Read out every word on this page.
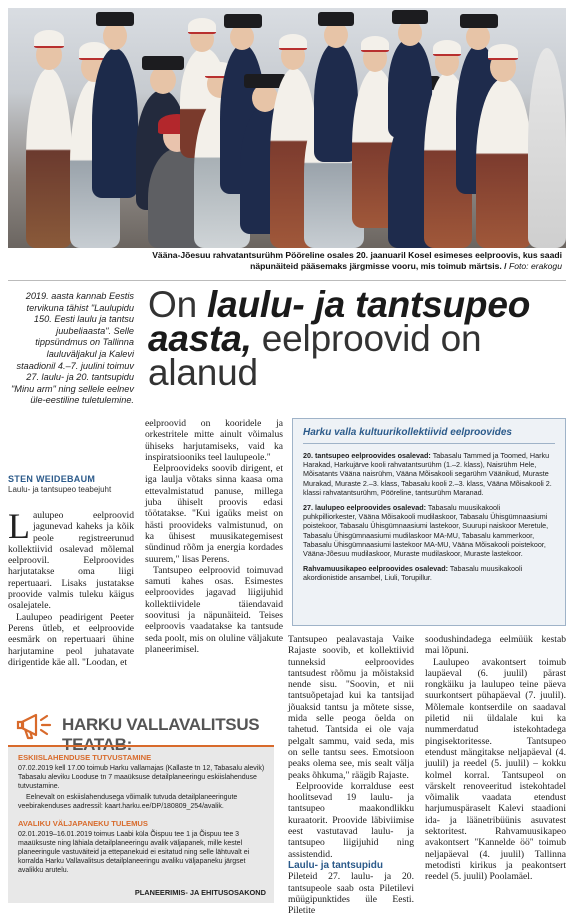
Vääna-Jõesuu rahvatantsurühm Pööreline osales 20. jaanuaril Kosel esimeses eelproovis, kus saadi näpunäiteid pääsemaks järgmisse vooru, mis toimub märtsis. / Foto: erakogu
2019. aasta kannab Eestis tervikuna tähist "Laulupidu 150. Eesti laulu ja tantsu juubeliaasta". Selle tippsündmus on Tallinna lauluväljakul ja Kalevi staadionil 4.–7. juulini toimuv 27. laulu- ja 20. tantsupidu "Minu arm" ning sellele eelnev üle-eestiline tuletulemine.
On laulu- ja tantsupeo aasta, eelproovid on alanud
STEN WEIDEBAUM
Laulu- ja tantsupeo teabejuht

Laulupeo eelproovid jagunevad kaheks ja kõik peole registreerunud kollektiivid osalevad mõlemal eelproovil. Eelproovides harjutatakse oma liigi repertuaari. Lisaks justatakse proovide valmis tuleku käigus osalejatele.

Laulupeo peadirigent Peeter Perens ütleb, et eelproovide eesmärk on repertuaari ühine harjutamine peol juhatavate dirigentide käe all. "Loodan, et

eelproovid on kooridele ja orkestritele mitte ainult võimalus ühiseks harjutamiseks, vaid ka inspiratsiooniks teel laulupeole."

Eelproovideks soovib dirigent, et iga laulja võtaks sinna kaasa oma ettevalmistatud panuse, millega juba ühiselt proovis edasi töötatakse. "Kui igaüks meist on hästi proovideks valmistunud, on ka ühisest muusikategemisest sündinud rõõm ja energia kordades suurem," lisas Perens.

Tantsupeo eelproovid toimuvad samuti kahes osas. Esimestes eelproovides jagavad liigijuhid kollektiividele täiendavaid soovitusi ja näpunäiteid. Teises eelproovis vaadatakse ka tantsude seda poolt, mis on oluline väljakute planeerimisel.

Harku valla kultuurikollektiivid eelproovides

20. tantsupeo eelproovides osalevad: Tabasalu Tammed ja Toomed, Harku Harakad, Harkujärve kooli rahvatantsurühm (1.–2. klass), Naisrühm Hele, Mõisatants Vääna naisrühm, Vääna Mõisakooli segarühm Väänikud, Muraste Murakad, Muraste 2.–3. klass, Tabasalu kooli 2.–3. klass, Vääna Mõisakooli 2. klassi rahvatantsurühm, Pööreline, tantsurühm Maranad.

27. laulupeo eelproovides osalevad: Tabasalu muusikakooli puhkpilliorkester, Vääna Mõisakooli mudilaskoor, Tabasalu Ühisgümnaasiumi poistekoor, Tabasalu Ühisgümnaasiumi lastekoor, Suurupi naiskoor Meretule, Tabasalu Ühisgümnaasiumi mudilaskoor MA-MU, Tabasalu kammerkoor, Tabasalu Ühisgümnaasiumi lastekoor MA-MU, Vääna Mõisakooli poistekoor, Vääna-Jõesuu mudilaskoor, Muraste mudilaskoor, Muraste lastekoor.

Rahvamuusikapeo eelproovides osalevad: Tabasalu muusikakooli akordionistide ansambel, Liuli, Torupillur.

Tantsupeo pealavastaja Vaike Rajaste soovib, et kollektiivid tunneksid eelproovides tantsudest rõõmu ja mõistaksid nende sisu. "Soovin, et nii tantsuõpetajad kui ka tantsijad jõuaksid tantsu ja mõtete sisse, mida selle peoga öelda on tahetud. Tantsida ei ole vaja pelgalt sammu, vaid seda, mis on selle tantsu sees. Emotsioon peaks olema see, mis sealt välja peaks õhkuma," räägib Rajaste.

Eelproovide korralduse eest hoolitsevad 19 laulu- ja tantsupeo maakondlikku kuraatorit. Proovide läbiviimise eest vastutavad laulu- ja tantsupeo liigijuhid ning assistendid.

Laulu- ja tantsupidu

Pileteid 27. laulu- ja 20. tantsupeole saab osta Piletilevi müügipunktides üle Eesti. Piletite

soodushindadega eelmüük kestab mai lõpuni.

Laulupeo avakontsert toimub laupäeval (6. juulil) pärast rongkäiku ja laulupeo teine päeva suurkontsert pühapäeval (7. juulil). Mõlemale kontserdile on saadaval piletid nii üldalale kui ka nummerdatud istekohtadega pingisektoritesse. Tantsupeo etendust mängitakse neljapäeval (4. juulil) ja reedel (5. juulil) – kokku kolmel korral. Tantsupeol on värskelt renoveeritud istekohtadel võimalik vaadata etendust harjumuspäraselt Kalevi staadioni ida- ja läänetribüünis asuvatest sektoritest. Rahvamuusikapeo avakontsert "Kannelde öö" toimub neljapäeval (4. juulil) Tallinna metodisti kirikus ja peakontsert reedel (5. juulil) Poolamäel.

HARKU VALLAVALITSUS
ESKIISLAHENDUSE TUTVUSTAMINE

07.02.2019 kell 17.00 toimub Harku vallamajas (Kallaste tn 12, Tabasalu alevik) Tabasalu aleviku Looduse tn 7 maaüksuse detailplaneeringu eskiislahenduse tutvustamine.

Eelnevalt on eskiislahendusega võimalik tutvuda detailplaneeringute veebirakenduses aadressil: kaart.harku.ee/DP/180809_254/avalik.

AVALIKU VÄLJAPANEKU TULEMUS

02.01.2019–16.01.2019 toimus Laabi küla Õispuu tee 1 ja Õispuu tee 3 maaüksuste ning lähiala detailplaneeringu avalik väljapanek, mille kestel planeeringule vastuväiteid ja ettepanekuid ei esitatud ning selle lähtuvalt ei korralda Harku Vallavalitsus detailplaneeringu avaliku väljapaneku järgset avalikku arutelu.

PLANEERIMIS- JA EHITUSOSAKOND
